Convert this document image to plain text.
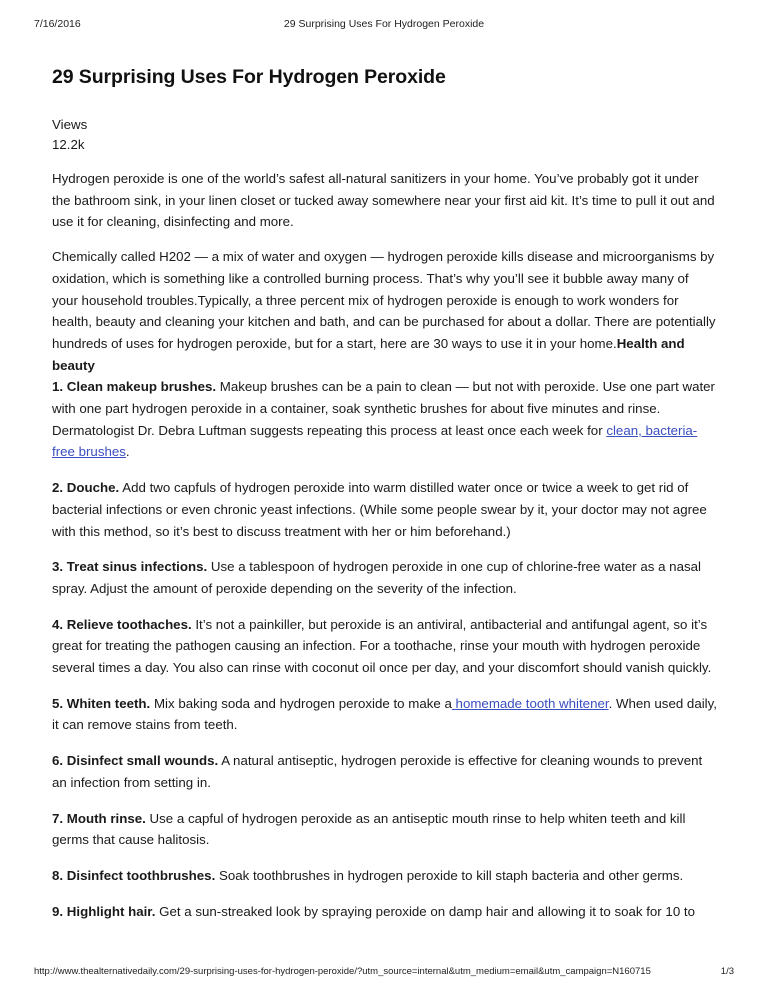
7/16/2016	29 Surprising Uses For Hydrogen Peroxide
29 Surprising Uses For Hydrogen Peroxide
Views
12.2k

Hydrogen peroxide is one of the world’s safest all-natural sanitizers in your home. You’ve probably got it under the bathroom sink, in your linen closet or tucked away somewhere near your first aid kit. It’s time to pull it out and use it for cleaning, disinfecting and more.

Chemically called H202 — a mix of water and oxygen — hydrogen peroxide kills disease and microorganisms by oxidation, which is something like a controlled burning process. That’s why you’ll see it bubble away many of your household troubles.Typically, a three percent mix of hydrogen peroxide is enough to work wonders for health, beauty and cleaning your kitchen and bath, and can be purchased for about a dollar. There are potentially hundreds of uses for hydrogen peroxide, but for a start, here are 30 ways to use it in your home.Health and beauty

1. Clean makeup brushes. Makeup brushes can be a pain to clean — but not with peroxide. Use one part water with one part hydrogen peroxide in a container, soak synthetic brushes for about five minutes and rinse. Dermatologist Dr. Debra Luftman suggests repeating this process at least once each week for clean, bacteria-free brushes.

2. Douche. Add two capfuls of hydrogen peroxide into warm distilled water once or twice a week to get rid of bacterial infections or even chronic yeast infections. (While some people swear by it, your doctor may not agree with this method, so it’s best to discuss treatment with her or him beforehand.)

3. Treat sinus infections. Use a tablespoon of hydrogen peroxide in one cup of chlorine-free water as a nasal spray. Adjust the amount of peroxide depending on the severity of the infection.

4. Relieve toothaches. It’s not a painkiller, but peroxide is an antiviral, antibacterial and antifungal agent, so it’s great for treating the pathogen causing an infection. For a toothache, rinse your mouth with hydrogen peroxide several times a day. You also can rinse with coconut oil once per day, and your discomfort should vanish quickly.

5. Whiten teeth. Mix baking soda and hydrogen peroxide to make a homemade tooth whitener. When used daily, it can remove stains from teeth.

6. Disinfect small wounds. A natural antiseptic, hydrogen peroxide is effective for cleaning wounds to prevent an infection from setting in.

7. Mouth rinse. Use a capful of hydrogen peroxide as an antiseptic mouth rinse to help whiten teeth and kill germs that cause halitosis.

8. Disinfect toothbrushes. Soak toothbrushes in hydrogen peroxide to kill staph bacteria and other germs.

9. Highlight hair. Get a sun-streaked look by spraying peroxide on damp hair and allowing it to soak for 10 to

http://www.thealternativedaily.com/29-surprising-uses-for-hydrogen-peroxide/?utm_source=internal&utm_medium=email&utm_campaign=N160715	1/3
